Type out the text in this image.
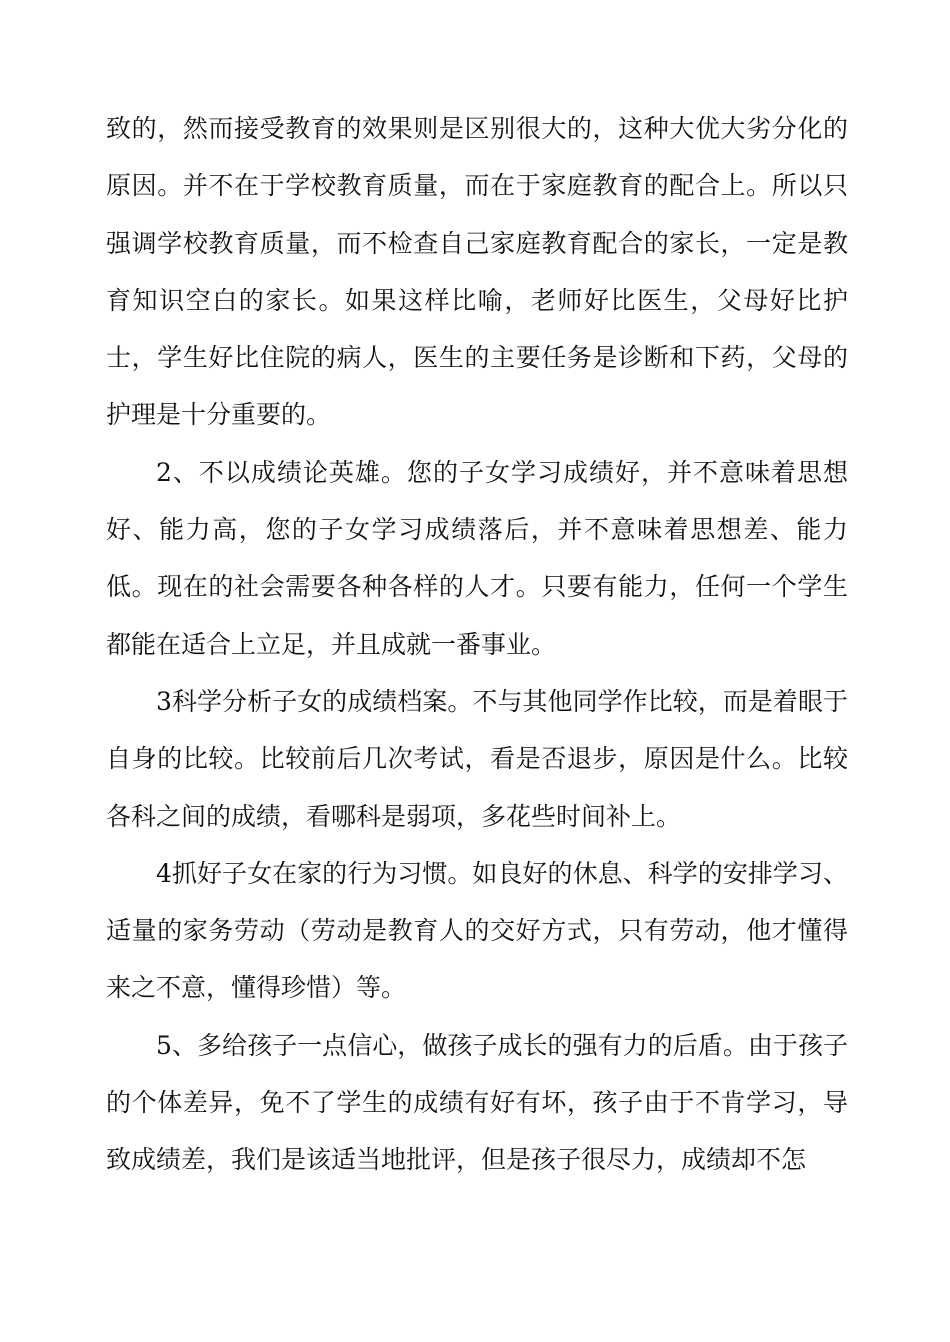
致的，然而接受教育的效果则是区别很大的，这种大优大劣分化的原因。并不在于学校教育质量，而在于家庭教育的配合上。所以只强调学校教育质量，而不检查自己家庭教育配合的家长，一定是教育知识空白的家长。如果这样比喻，老师好比医生，父母好比护士，学生好比住院的病人，医生的主要任务是诊断和下药，父母的护理是十分重要的。

2、不以成绩论英雄。您的子女学习成绩好，并不意味着思想好、能力高，您的子女学习成绩落后，并不意味着思想差、能力低。现在的社会需要各种各样的人才。只要有能力，任何一个学生都能在适合上立足，并且成就一番事业。

3科学分析子女的成绩档案。不与其他同学作比较，而是着眼于自身的比较。比较前后几次考试，看是否退步，原因是什么。比较各科之间的成绩，看哪科是弱项，多花些时间补上。

4抓好子女在家的行为习惯。如良好的休息、科学的安排学习、适量的家务劳动（劳动是教育人的交好方式，只有劳动，他才懂得来之不意，懂得珍惜）等。

5、多给孩子一点信心，做孩子成长的强有力的后盾。由于孩子的个体差异，免不了学生的成绩有好有坏，孩子由于不肯学习，导致成绩差，我们是该适当地批评，但是孩子很尽力，成绩却不怎
